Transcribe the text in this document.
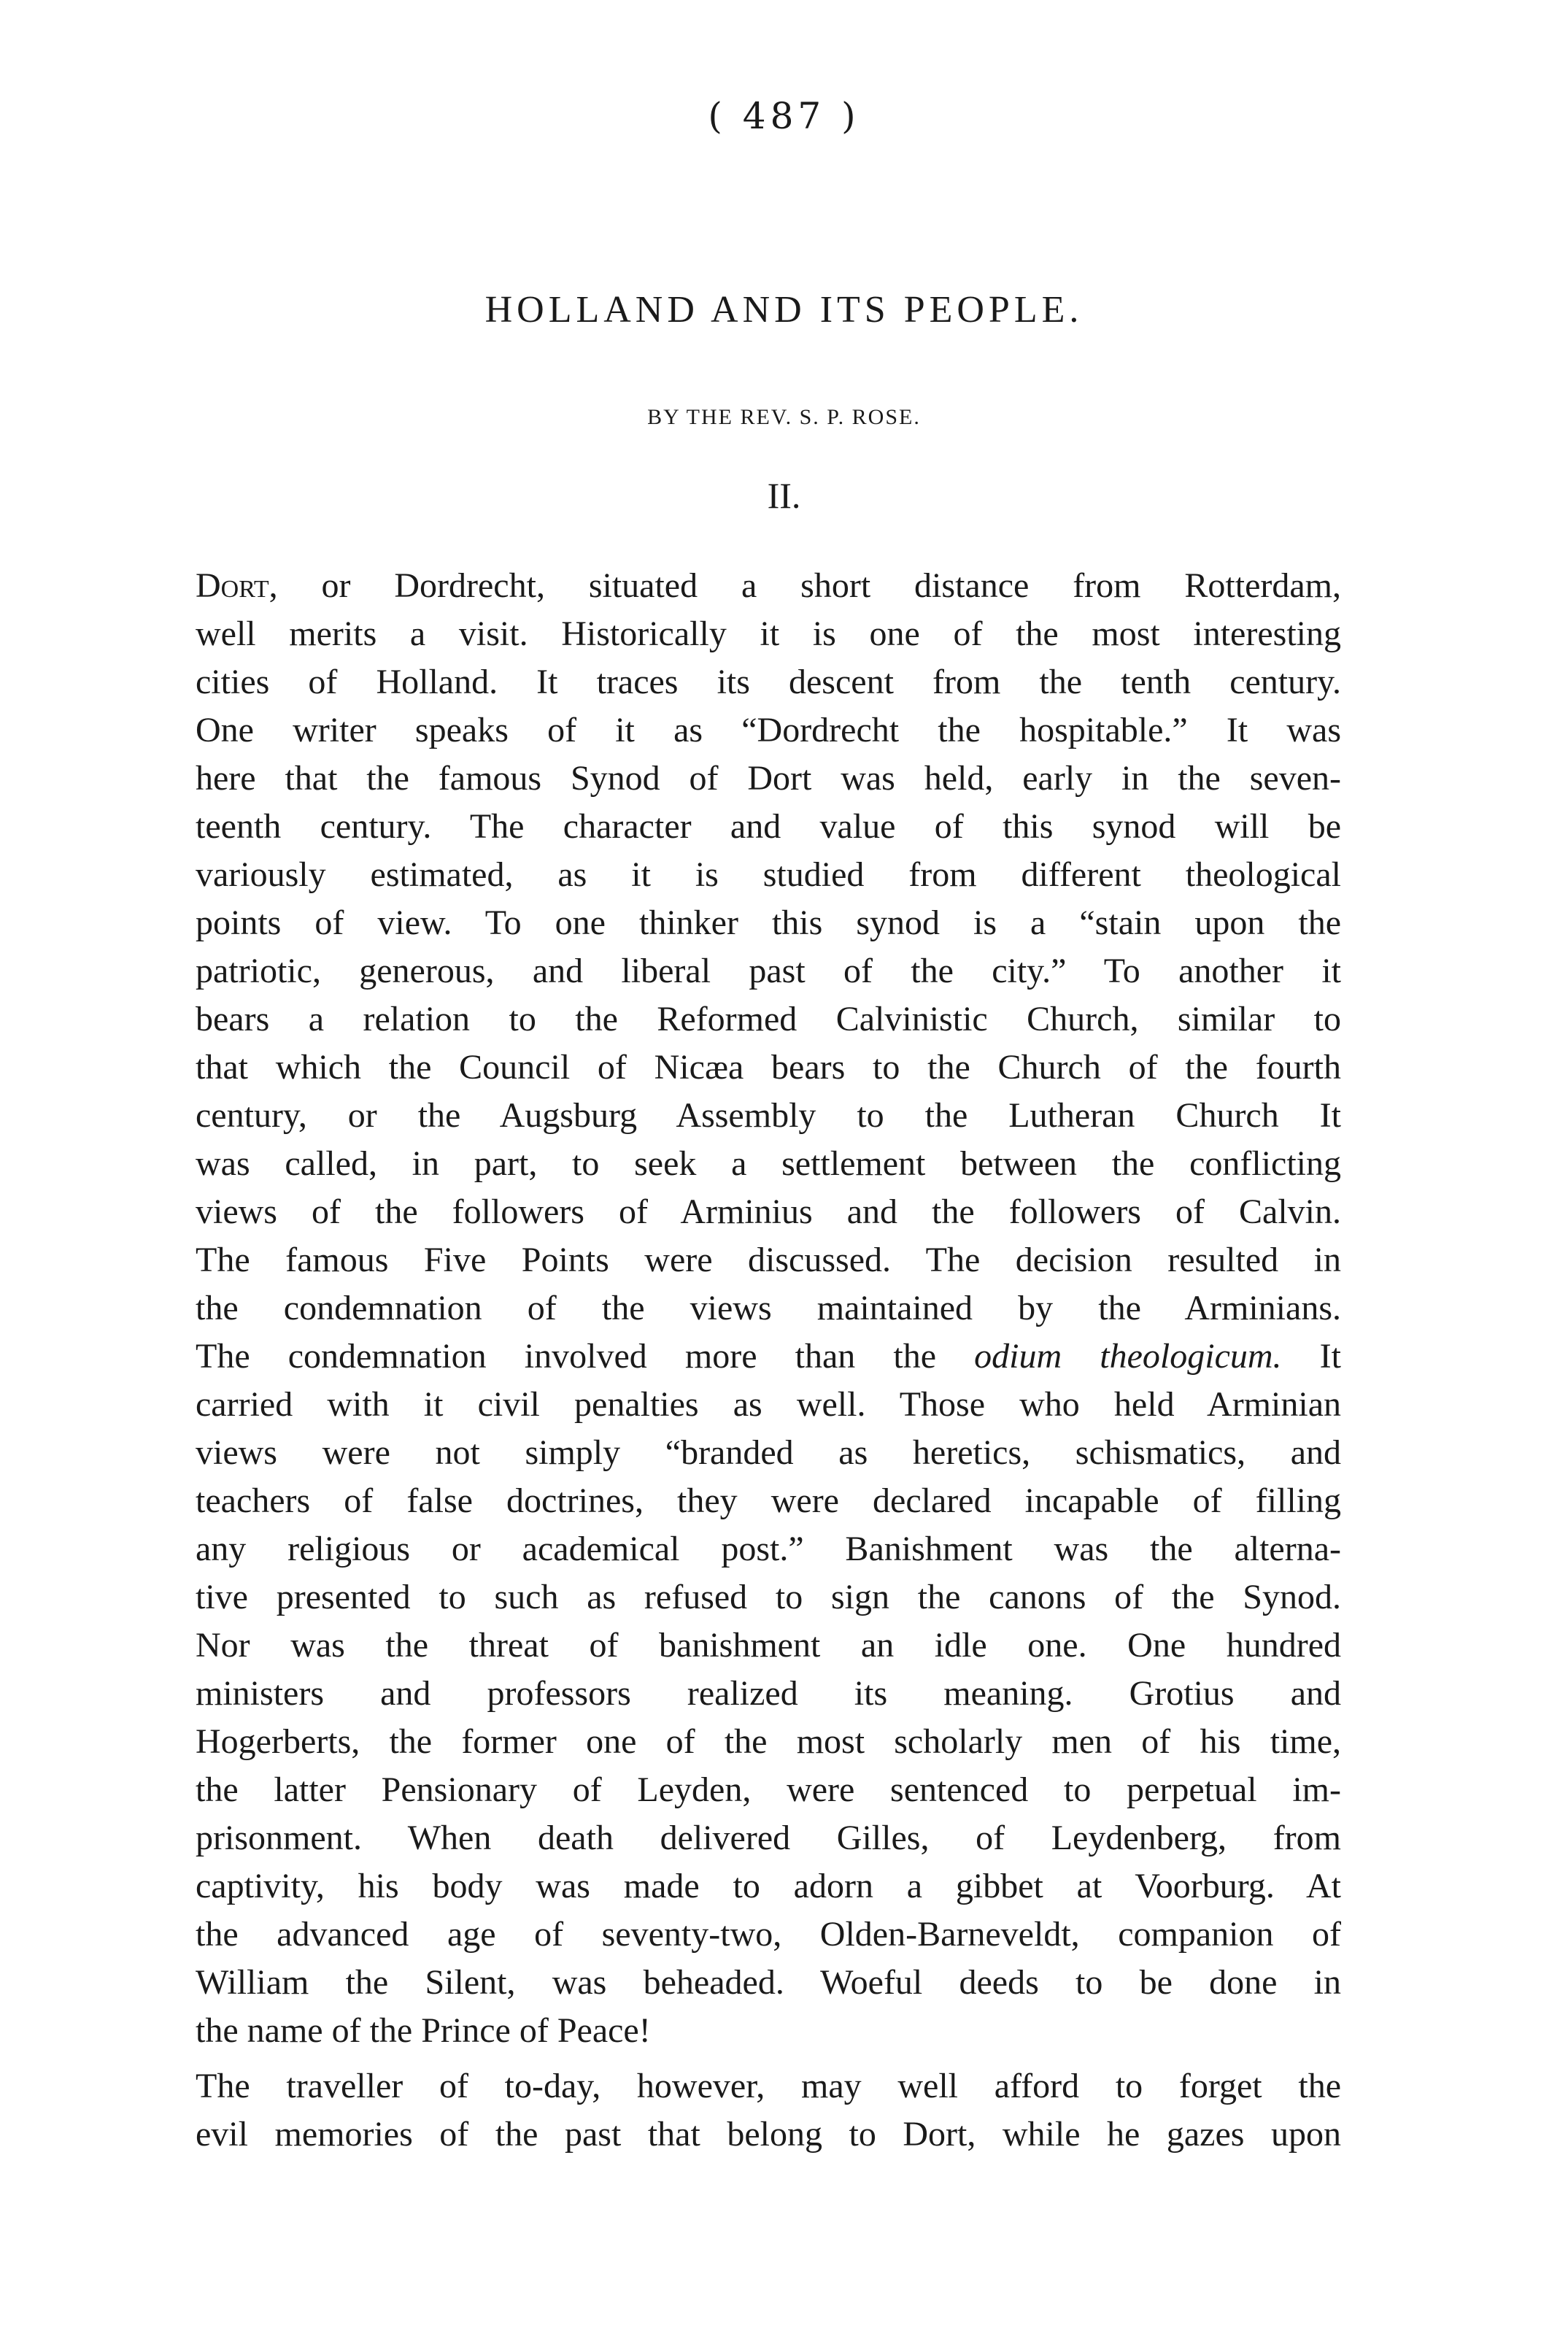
( 487 )
HOLLAND AND ITS PEOPLE.
BY THE REV. S. P. ROSE.
II.
Dort, or Dordrecht, situated a short distance from Rotterdam,
well merits a visit. Historically it is one of the most interesting
cities of Holland. It traces its descent from the tenth century.
One writer speaks of it as “Dordrecht the hospitable.” It was
here that the famous Synod of Dort was held, early in the seven-
teenth century. The character and value of this synod will be
variously estimated, as it is studied from different theological
points of view. To one thinker this synod is a “stain upon the
patriotic, generous, and liberal past of the city.” To another it
bears a relation to the Reformed Calvinistic Church, similar to
that which the Council of Nicæa bears to the Church of the fourth
century, or the Augsburg Assembly to the Lutheran Church It
was called, in part, to seek a settlement between the conflicting
views of the followers of Arminius and the followers of Calvin.
The famous Five Points were discussed. The decision resulted in
the condemnation of the views maintained by the Arminians.
The condemnation involved more than the odium theologicum. It
carried with it civil penalties as well. Those who held Arminian
views were not simply “branded as heretics, schismatics, and
teachers of false doctrines, they were declared incapable of filling
any religious or academical post.” Banishment was the alterna-
tive presented to such as refused to sign the canons of the Synod.
Nor was the threat of banishment an idle one. One hundred
ministers and professors realized its meaning. Grotius and
Hogerberts, the former one of the most scholarly men of his time,
the latter Pensionary of Leyden, were sentenced to perpetual im-
prisonment. When death delivered Gilles, of Leydenberg, from
captivity, his body was made to adorn a gibbet at Voorburg. At
the advanced age of seventy-two, Olden-Barneveldt, companion of
William the Silent, was beheaded. Woeful deeds to be done in
the name of the Prince of Peace!
The traveller of to-day, however, may well afford to forget the
evil memories of the past that belong to Dort, while he gazes upon
